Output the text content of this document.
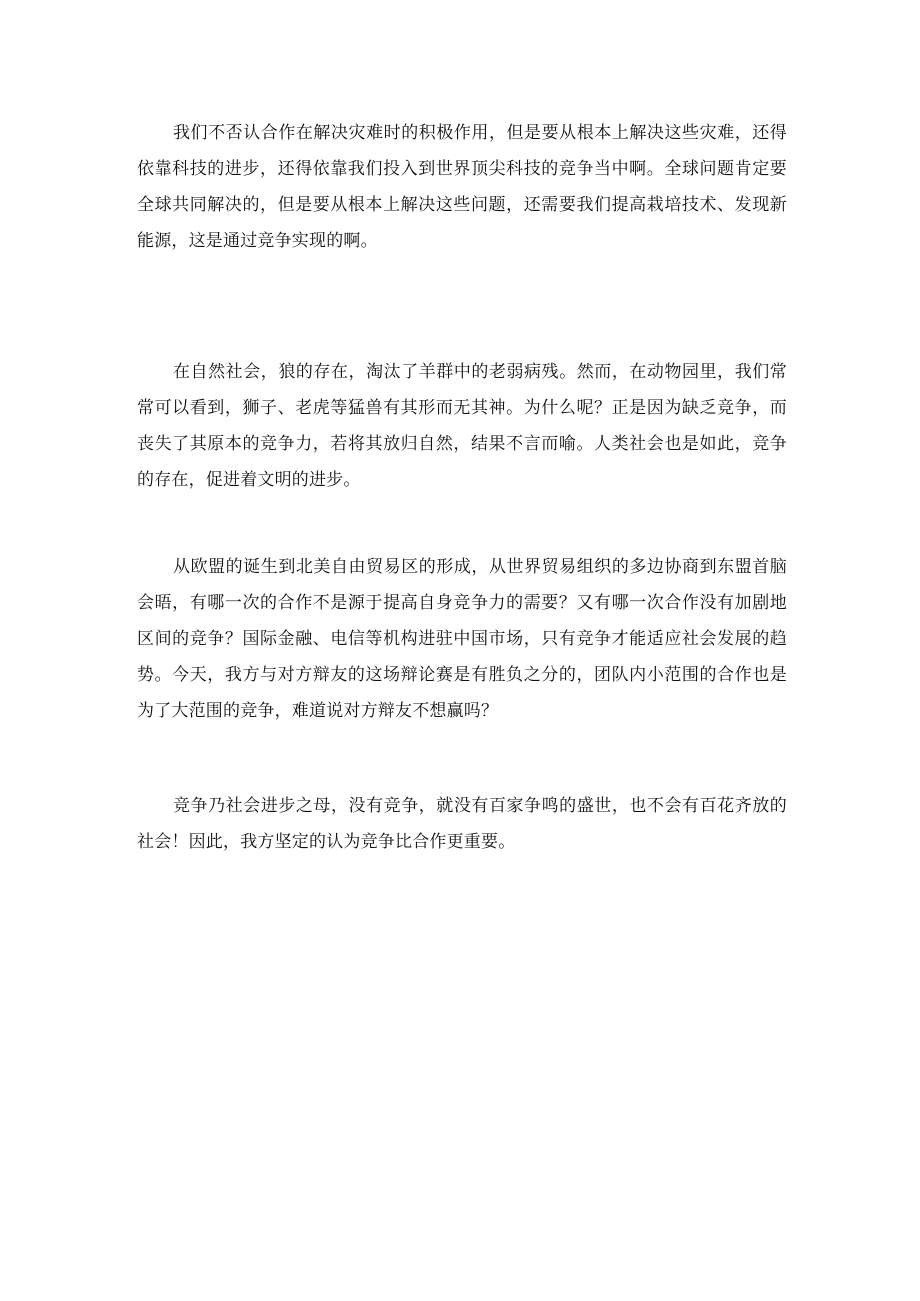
我们不否认合作在解决灾难时的积极作用，但是要从根本上解决这些灾难，还得依靠科技的进步，还得依靠我们投入到世界顶尖科技的竞争当中啊。全球问题肯定要全球共同解决的，但是要从根本上解决这些问题，还需要我们提高栽培技术、发现新能源，这是通过竞争实现的啊。

在自然社会，狼的存在，淘汰了羊群中的老弱病残。然而，在动物园里，我们常常可以看到，狮子、老虎等猛兽有其形而无其神。为什么呢？正是因为缺乏竞争，而丧失了其原本的竞争力，若将其放归自然，结果不言而喻。人类社会也是如此，竞争的存在，促进着文明的进步。

从欧盟的诞生到北美自由贸易区的形成，从世界贸易组织的多边协商到东盟首脑会晤，有哪一次的合作不是源于提高自身竞争力的需要？又有哪一次合作没有加剧地区间的竞争？国际金融、电信等机构进驻中国市场，只有竞争才能适应社会发展的趋势。今天，我方与对方辩友的这场辩论赛是有胜负之分的，团队内小范围的合作也是为了大范围的竞争，难道说对方辩友不想赢吗？

竞争乃社会进步之母，没有竞争，就没有百家争鸣的盛世，也不会有百花齐放的社会！因此，我方坚定的认为竞争比合作更重要。
